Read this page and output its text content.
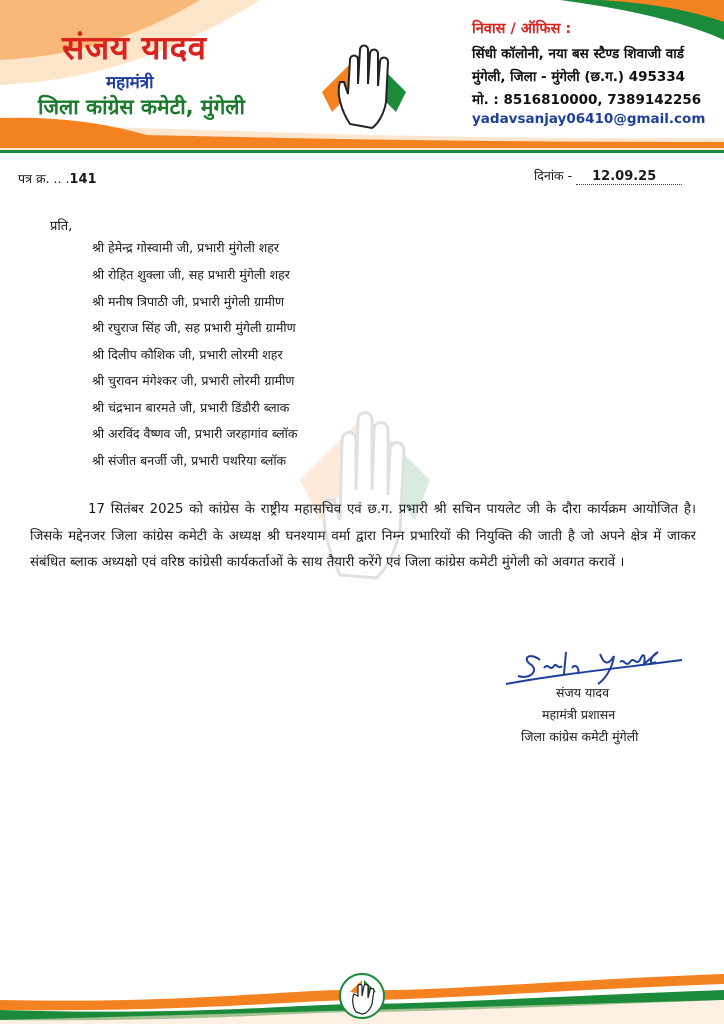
संजय यादव
महामंत्री
जिला कांग्रेस कमेटी, मुंगेली
निवास / ऑफिस :
सिंधी कॉलोनी, नया बस स्टैण्ड शिवाजी वार्ड
मुंगेली, जिला - मुंगेली (छ.ग.) 495334
मो. : 8516810000, 7389142256
yadavsanjay06410@gmail.com
पत्र क्र. .. .141	दिनांक - 12.09.25
प्रति,
श्री हेमेन्द्र गोस्वामी जी, प्रभारी मुंगेली शहर
श्री रोहित शुक्ला जी, सह प्रभारी मुंगेली शहर
श्री मनीष त्रिपाठी जी, प्रभारी मुंगेली ग्रामीण
श्री रघुराज सिंह जी, सह प्रभारी मुंगेली ग्रामीण
श्री दिलीप कौशिक जी, प्रभारी लोरमी शहर
श्री चुरावन मंगेश्कर जी, प्रभारी लोरमी ग्रामीण
श्री चंद्रभान बारमते जी, प्रभारी डिंडौरी ब्लाक
श्री अरविंद वैष्णव जी, प्रभारी जरहागांव ब्लॉक
श्री संजीत बनर्जी जी, प्रभारी पथरिया ब्लॉक
17 सितंबर 2025 को कांग्रेस के राष्ट्रीय महासचिव एवं छ.ग. प्रभारी श्री सचिन पायलेट जी के दौरा कार्यक्रम आयोजित है। जिसके मद्देनजर जिला कांग्रेस कमेटी के अध्यक्ष श्री घनश्याम वर्मा द्वारा निम्न प्रभारियों की नियुक्ति की जाती है जो अपने क्षेत्र में जाकर संबंधित ब्लाक अध्यक्षो एवं वरिष्ठ कांग्रेसी कार्यकर्ताओं के साथ तैयारी करेंगे एवं जिला कांग्रेस कमेटी मुंगेली को अवगत करावें ।
संजय यादव
महामंत्री प्रशासन
जिला कांग्रेस कमेटी मुंगेली
